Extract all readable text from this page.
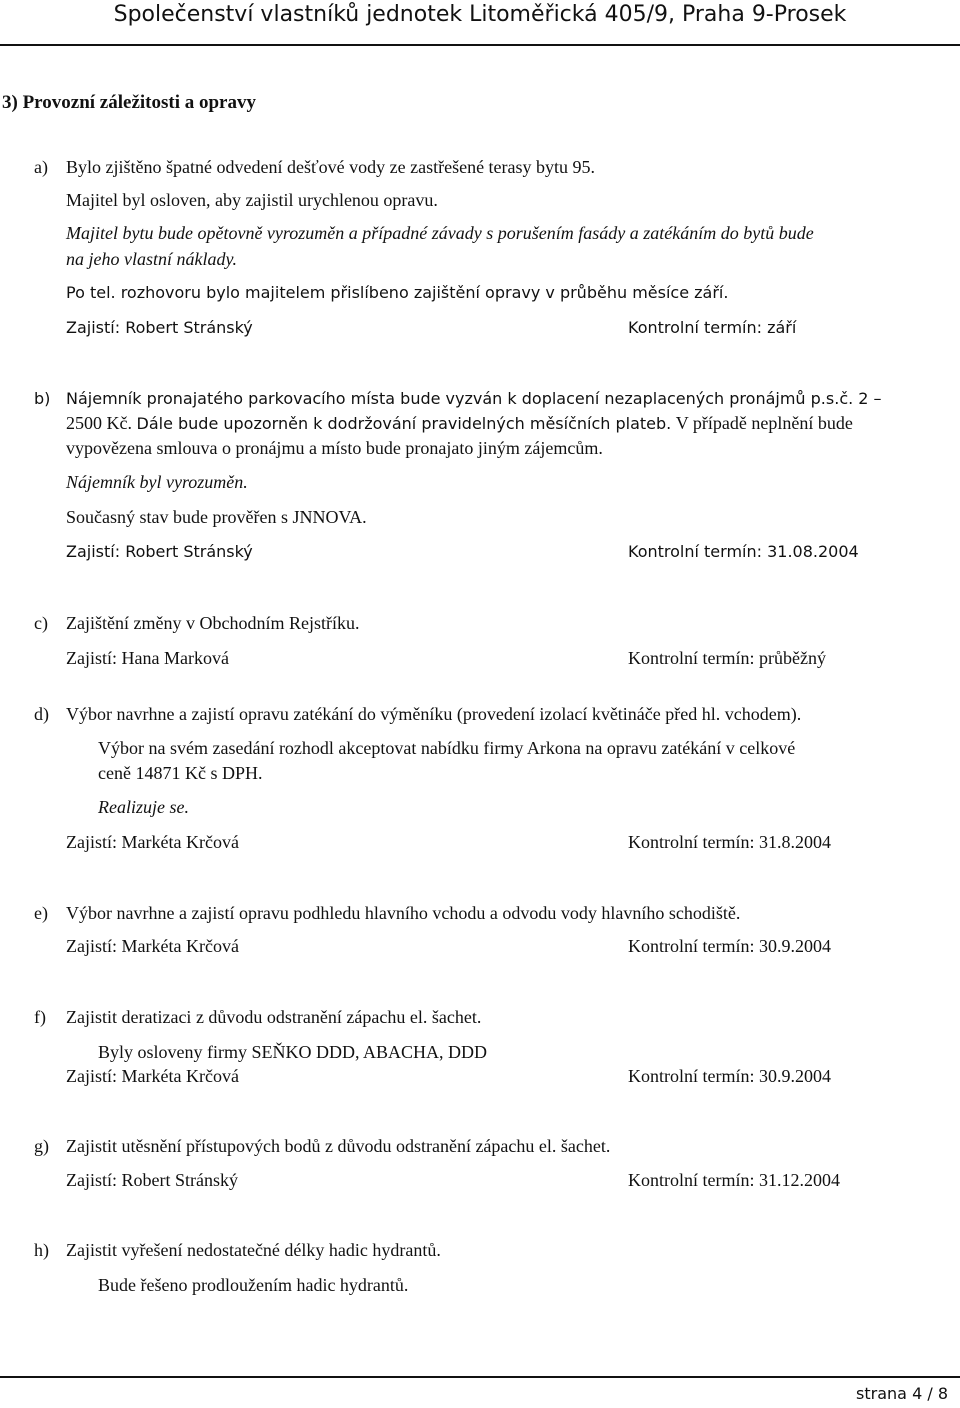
Společenství vlastníků jednotek Litoměřická 405/9, Praha 9-Prosek
3) Provozní záležitosti a opravy
a) Bylo zjištěno špatné odvedení dešťové vody ze zastřešené terasy bytu 95.
Majitel byl osloven, aby zajistil urychlenou opravu.
Majitel bytu bude opětovně vyrozuměn a případné závady s porušením fasády a zatékáním do bytů bude
na jeho vlastní náklady.
Po tel. rozhovoru bylo majitelem přislíbeno zajištění opravy v průběhu měsíce září.
Zajistí: Robert Stránský	Kontrolní termín: září
b) Nájemník pronajatého parkovacího místa bude vyzván k doplacení nezaplacených pronájmů p.s.č. 2 –
2500 Kč. Dále bude upozorněn k dodržování pravidelných měsíčních plateb. V případě neplnění bude
vypovězena smlouva o pronájmu a místo bude pronajato jiným zájemcům.
Nájemník byl vyrozuměn.
Současný stav bude prověřen s JNNOVA.
Zajistí: Robert Stránský	Kontrolní termín: 31.08.2004
c) Zajištění změny v Obchodním Rejstříku.
Zajistí: Hana Marková	Kontrolní termín: průběžný
d) Výbor navrhne a zajistí opravu zatékání do výměníku (provedení izolací květináče před hl. vchodem).
Výbor na svém zasedání rozhodl akceptovat nabídku firmy Arkona na opravu zatékání v celkové
ceně 14871 Kč s DPH.
Realizuje se.
Zajistí: Markéta Krčová	Kontrolní termín: 31.8.2004
e) Výbor navrhne a zajistí opravu podhledu hlavního vchodu a odvodu vody hlavního schodiště.
Zajistí: Markéta Krčová	Kontrolní termín: 30.9.2004
f) Zajistit deratizaci z důvodu odstranění zápachu el. šachet.
Byly osloveny firmy SEŇKO DDD, ABACHA, DDD
Zajistí: Markéta Krčová	Kontrolní termín: 30.9.2004
g) Zajistit utěsnění přístupových bodů z důvodu odstranění zápachu el. šachet.
Zajistí: Robert Stránský	Kontrolní termín: 31.12.2004
h) Zajistit vyřešení nedostatečné délky hadic hydrantů.
Bude řešeno prodloužením hadic hydrantů.
strana 4 / 8
